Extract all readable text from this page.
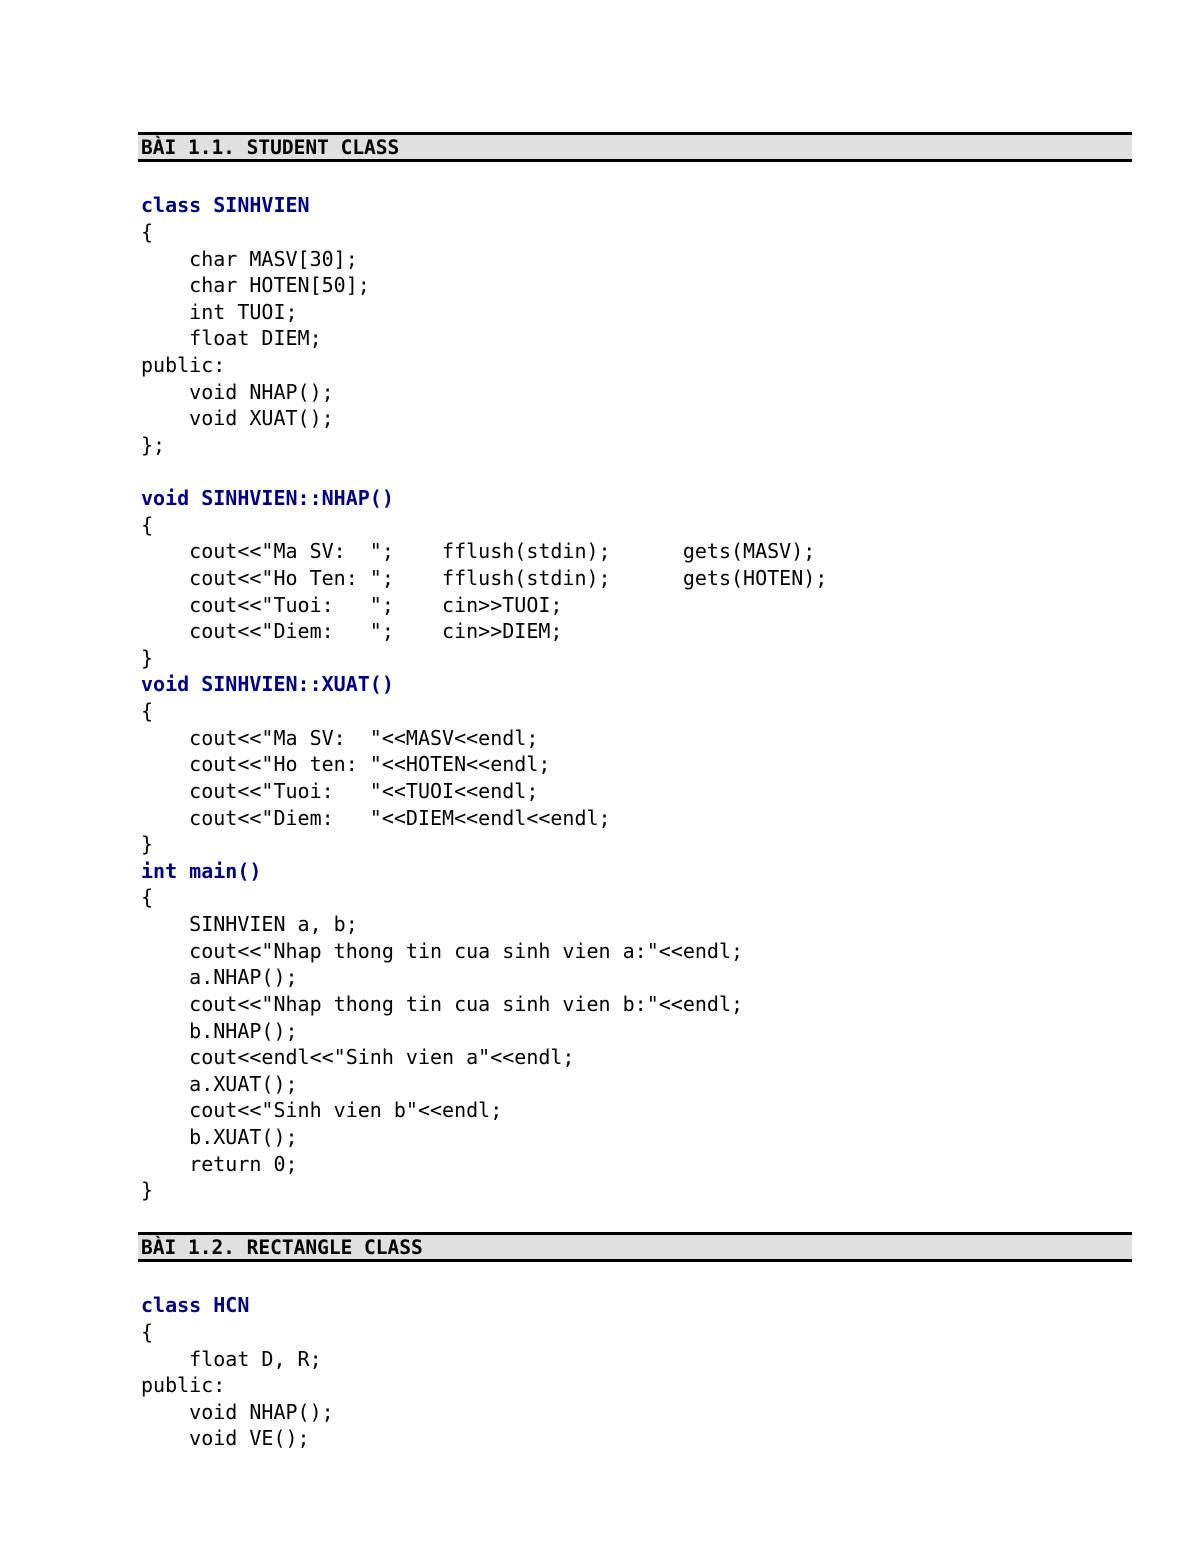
BÀI 1.1. STUDENT CLASS
class SINHVIEN
{
char MASV[30];
char HOTEN[50];
int TUOI;
float DIEM;
public:
void NHAP();
void XUAT();
};
void SINHVIEN::NHAP()
{
cout<<"Ma SV:  ";    fflush(stdin);      gets(MASV);
cout<<"Ho Ten: ";    fflush(stdin);      gets(HOTEN);
cout<<"Tuoi:   ";    cin>>TUOI;
cout<<"Diem:   ";    cin>>DIEM;
}
void SINHVIEN::XUAT()
{
cout<<"Ma SV:  "<<MASV<<endl;
cout<<"Ho ten: "<<HOTEN<<endl;
cout<<"Tuoi:   "<<TUOI<<endl;
cout<<"Diem:   "<<DIEM<<endl<<endl;
}
int main()
{
SINHVIEN a, b;
cout<<"Nhap thong tin cua sinh vien a:"<<endl;
a.NHAP();
cout<<"Nhap thong tin cua sinh vien b:"<<endl;
b.NHAP();
cout<<endl<<"Sinh vien a"<<endl;
a.XUAT();
cout<<"Sinh vien b"<<endl;
b.XUAT();
return 0;
}
BÀI 1.2. RECTANGLE CLASS
class HCN
{
float D, R;
public:
void NHAP();
void VE();
